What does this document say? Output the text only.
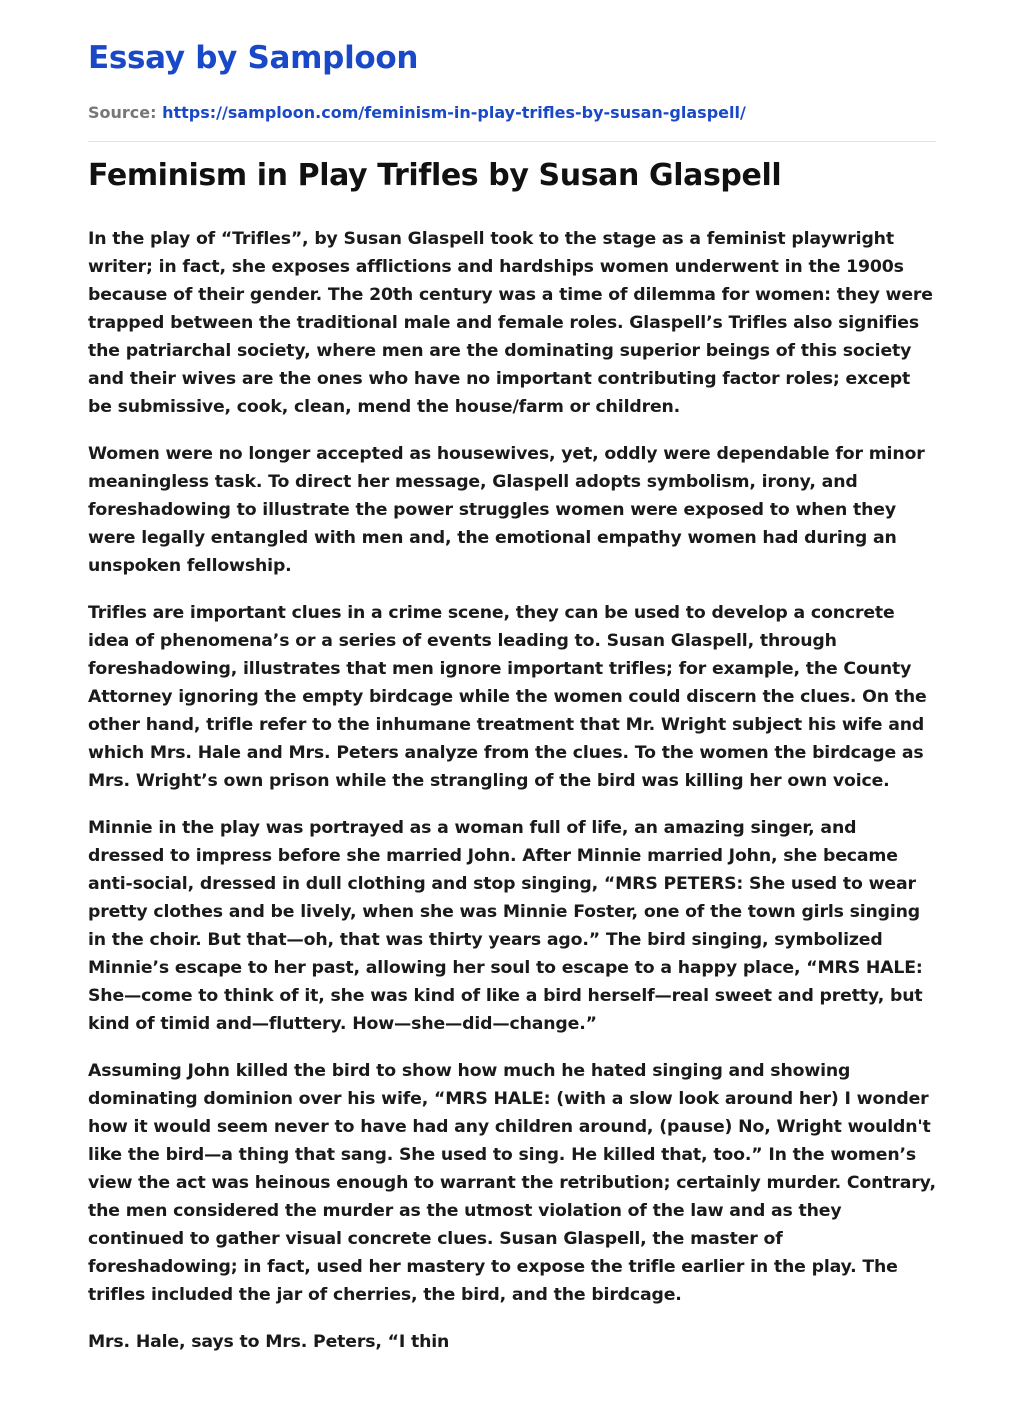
Essay by Samploon
Source: https://samploon.com/feminism-in-play-trifles-by-susan-glaspell/
Feminism in Play Trifles by Susan Glaspell

In the play of “Trifles”, by Susan Glaspell took to the stage as a feminist playwright writer; in fact, she exposes afflictions and hardships women underwent in the 1900s because of their gender. The 20th century was a time of dilemma for women: they were trapped between the traditional male and female roles. Glaspell’s Trifles also signifies the patriarchal society, where men are the dominating superior beings of this society and their wives are the ones who have no important contributing factor roles; except be submissive, cook, clean, mend the house/farm or children.

Women were no longer accepted as housewives, yet, oddly were dependable for minor meaningless task. To direct her message, Glaspell adopts symbolism, irony, and foreshadowing to illustrate the power struggles women were exposed to when they were legally entangled with men and, the emotional empathy women had during an unspoken fellowship.

Trifles are important clues in a crime scene, they can be used to develop a concrete idea of phenomena’s or a series of events leading to. Susan Glaspell, through foreshadowing, illustrates that men ignore important trifles; for example, the County Attorney ignoring the empty birdcage while the women could discern the clues. On the other hand, trifle refer to the inhumane treatment that Mr. Wright subject his wife and which Mrs. Hale and Mrs. Peters analyze from the clues. To the women the birdcage as Mrs. Wright’s own prison while the strangling of the bird was killing her own voice.

Minnie in the play was portrayed as a woman full of life, an amazing singer, and dressed to impress before she married John. After Minnie married John, she became anti-social, dressed in dull clothing and stop singing, “MRS PETERS: She used to wear pretty clothes and be lively, when she was Minnie Foster, one of the town girls singing in the choir. But that—oh, that was thirty years ago.” The bird singing, symbolized Minnie’s escape to her past, allowing her soul to escape to a happy place, “MRS HALE: She—come to think of it, she was kind of like a bird herself—real sweet and pretty, but kind of timid and—fluttery. How—she—did—change.”

Assuming John killed the bird to show how much he hated singing and showing dominating dominion over his wife, “MRS HALE: (with a slow look around her) I wonder how it would seem never to have had any children around, (pause) No, Wright wouldn't like the bird—a thing that sang. She used to sing. He killed that, too.” In the women’s view the act was heinous enough to warrant the retribution; certainly murder. Contrary, the men considered the murder as the utmost violation of the law and as they continued to gather visual concrete clues. Susan Glaspell, the master of foreshadowing; in fact, used her mastery to expose the trifle earlier in the play. The trifles included the jar of cherries, the bird, and the birdcage.

Mrs. Hale, says to Mrs. Peters, “I thin
